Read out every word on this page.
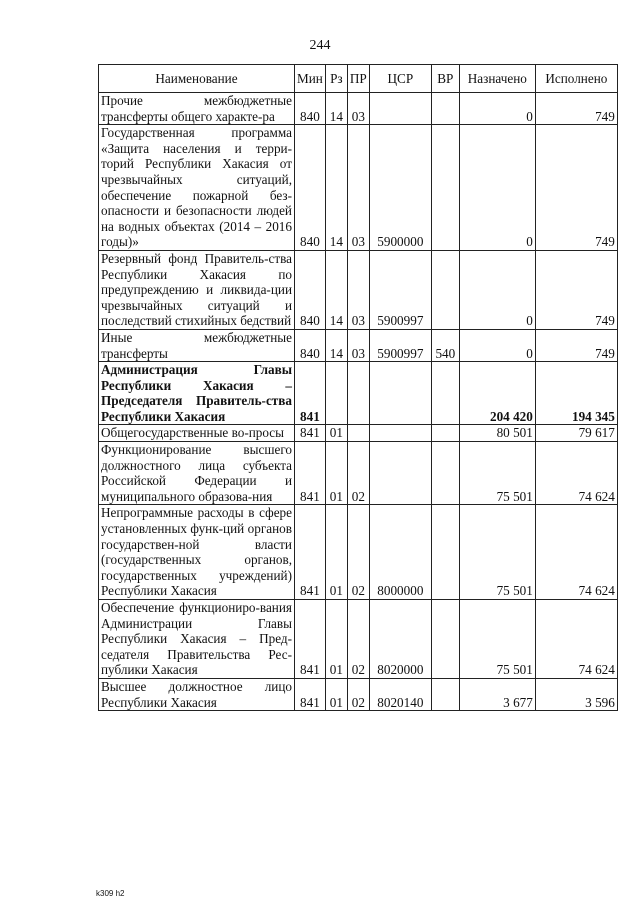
244
Наименование	Мин	Рз	ПР	ЦСР	ВР	Назначено	Исполнено
Прочие межбюджетные трансферты общего характе-ра	840	14	03			0	749
Государственная программа «Защита населения и терри-торий Республики Хакасия от чрезвычайных ситуаций, обеспечение пожарной без-опасности и безопасности людей на водных объектах (2014 – 2016 годы)»	840	14	03	5900000		0	749
Резервный фонд Правитель-ства Республики Хакасия по предупреждению и ликвида-ции чрезвычайных ситуаций и последствий стихийных бедствий	840	14	03	5900997		0	749
Иные межбюджетные трансферты	840	14	03	5900997	540	0	749
Администрация Главы Республики Хакасия – Председателя Правитель-ства Республики Хакасия	841					204 420	194 345
Общегосударственные во-просы	841	01				80 501	79 617
Функционирование высшего должностного лица субъекта Российской Федерации и муниципального образова-ния	841	01	02			75 501	74 624
Непрограммные расходы в сфере установленных функ-ций органов государствен-ной власти (государственных органов, государственных учреждений) Республики Хакасия	841	01	02	8000000		75 501	74 624
Обеспечение функциониро-вания Администрации Главы Республики Хакасия – Пред-седателя Правительства Рес-публики Хакасия	841	01	02	8020000		75 501	74 624
Высшее должностное лицо Республики Хакасия	841	01	02	8020140		3 677	3 596
k309 h2
